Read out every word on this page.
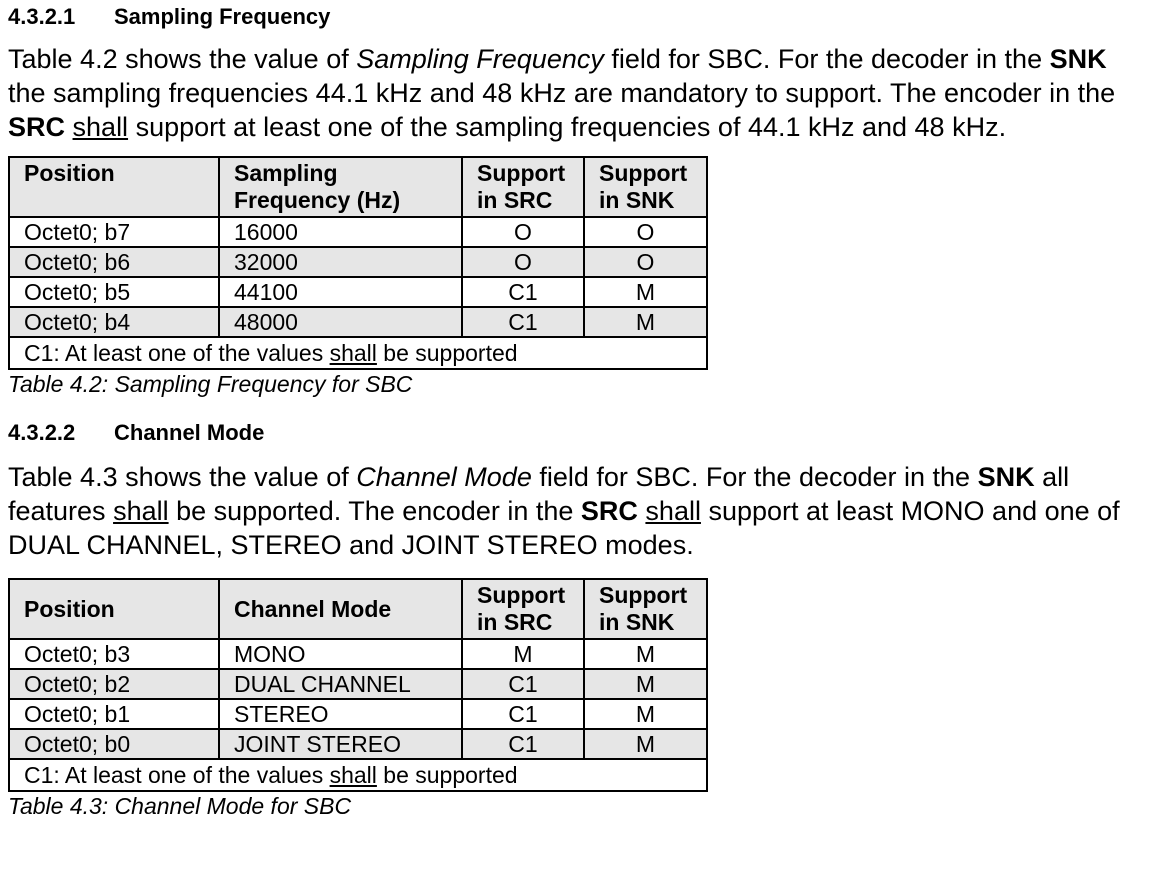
4.3.2.1 Sampling Frequency

Table 4.2 shows the value of Sampling Frequency field for SBC. For the decoder in the SNK the sampling frequencies 44.1 kHz and 48 kHz are mandatory to support. The encoder in the SRC shall support at least one of the sampling frequencies of 44.1 kHz and 48 kHz.

Position	Sampling Frequency (Hz)	Support in SRC	Support in SNK
Octet0; b7	16000	O	O
Octet0; b6	32000	O	O
Octet0; b5	44100	C1	M
Octet0; b4	48000	C1	M
C1: At least one of the values shall be supported			

Table 4.2: Sampling Frequency for SBC

4.3.2.2 Channel Mode

Table 4.3 shows the value of Channel Mode field for SBC. For the decoder in the SNK all features shall be supported. The encoder in the SRC shall support at least MONO and one of DUAL CHANNEL, STEREO and JOINT STEREO modes.

Position	Channel Mode	Support in SRC	Support in SNK
Octet0; b3	MONO	M	M
Octet0; b2	DUAL CHANNEL	C1	M
Octet0; b1	STEREO	C1	M
Octet0; b0	JOINT STEREO	C1	M
C1: At least one of the values shall be supported			

Table 4.3: Channel Mode for SBC
